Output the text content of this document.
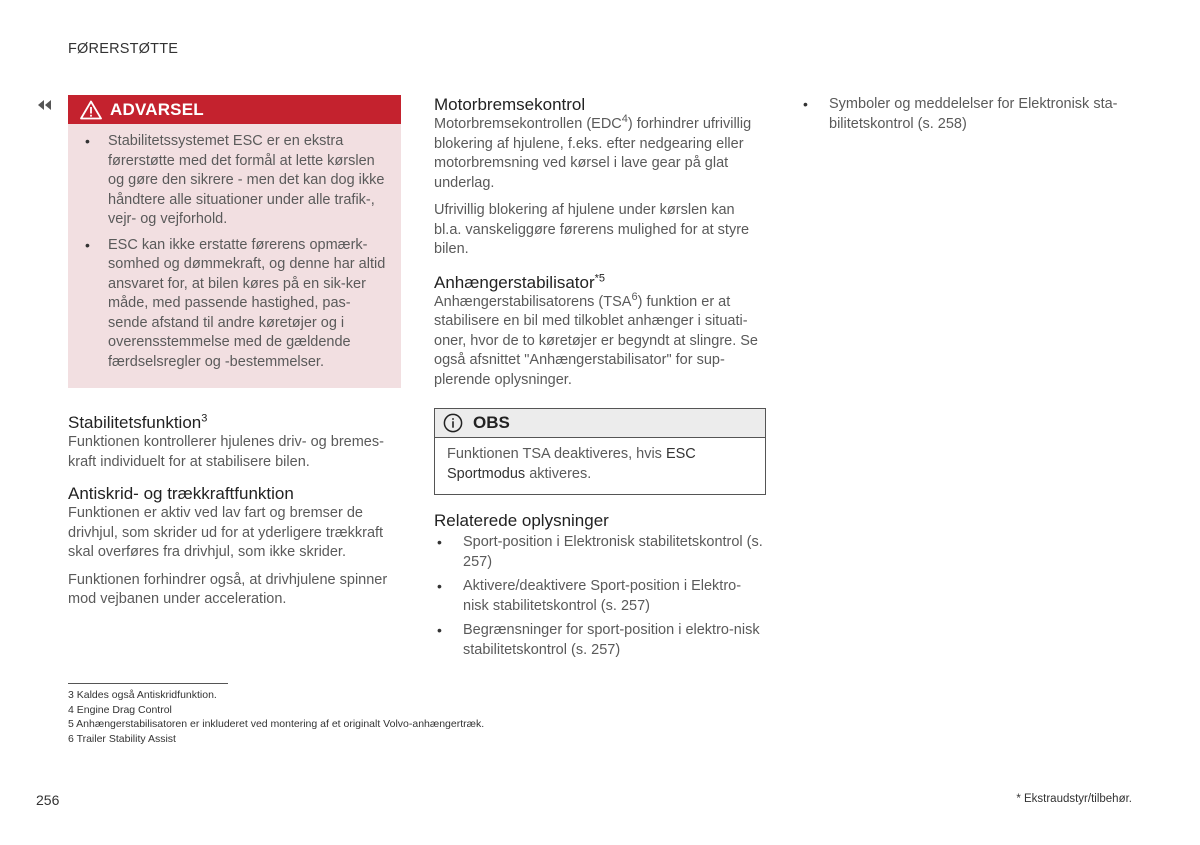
FØRERSTØTTE
ADVARSEL
• Stabilitetssystemet ESC er en ekstra førerstøtte med det formål at lette kørslen og gøre den sikrere - men det kan dog ikke håndtere alle situationer under alle trafik-, vejr- og vejforhold.
• ESC kan ikke erstatte førerens opmærk-somhed og dømmekraft, og denne har altid ansvaret for, at bilen køres på en sik-ker måde, med passende hastighed, pas-sende afstand til andre køretøjer og i overensstemmelse med de gældende færdselsregler og -bestemmelser.
Stabilitetsfunktion$^3$

Funktionen kontrollerer hjulenes driv- og bremes-kraft individuelt for at stabilisere bilen.

Antiskrid- og trækkraftfunktion

Funktionen er aktiv ved lav fart og bremser de drivhjul, som skrider ud for at yderligere trækkraft skal overføres fra drivhjul, som ikke skrider.

Funktionen forhindrer også, at drivhjulene spinner mod vejbanen under acceleration.

Motorbremsekontrol

Motorbremsekontrollen (EDC$^4$) forhindrer ufrivillig blokering af hjulene, f.eks. efter nedgearing eller motorbremsning ved kørsel i lave gear på glat underlag.

Ufrivillig blokering af hjulene under kørslen kan bl.a. vanskeliggøre førerens mulighed for at styre bilen.

Anhængerstabilisator$^{*5}$

Anhængerstabilisatorens (TSA$^6$) funktion er at stabilisere en bil med tilkoblet anhænger i situati-oner, hvor de to køretøjer er begyndt at slingre. Se også afsnittet "Anhængerstabilisator" for sup-plerende oplysninger.

OBS
Funktionen TSA deaktiveres, hvis ESC Sportmodus aktiveres.
Relaterede oplysninger
• Sport-position i Elektronisk stabilitetskontrol (s. 257)
• Aktivere/deaktivere Sport-position i Elektro-nisk stabilitetskontrol (s. 257)
• Begrænsninger for sport-position i elektro-nisk stabilitetskontrol (s. 257)
• Symboler og meddelelser for Elektronisk sta-bilitetskontrol (s. 258)
3 Kaldes også Antiskridfunktion.
4 Engine Drag Control
5 Anhængerstabilisatoren er inkluderet ved montering af et originalt Volvo-anhængertræk.
6 Trailer Stability Assist
256	* Ekstraudstyr/tilbehør.
